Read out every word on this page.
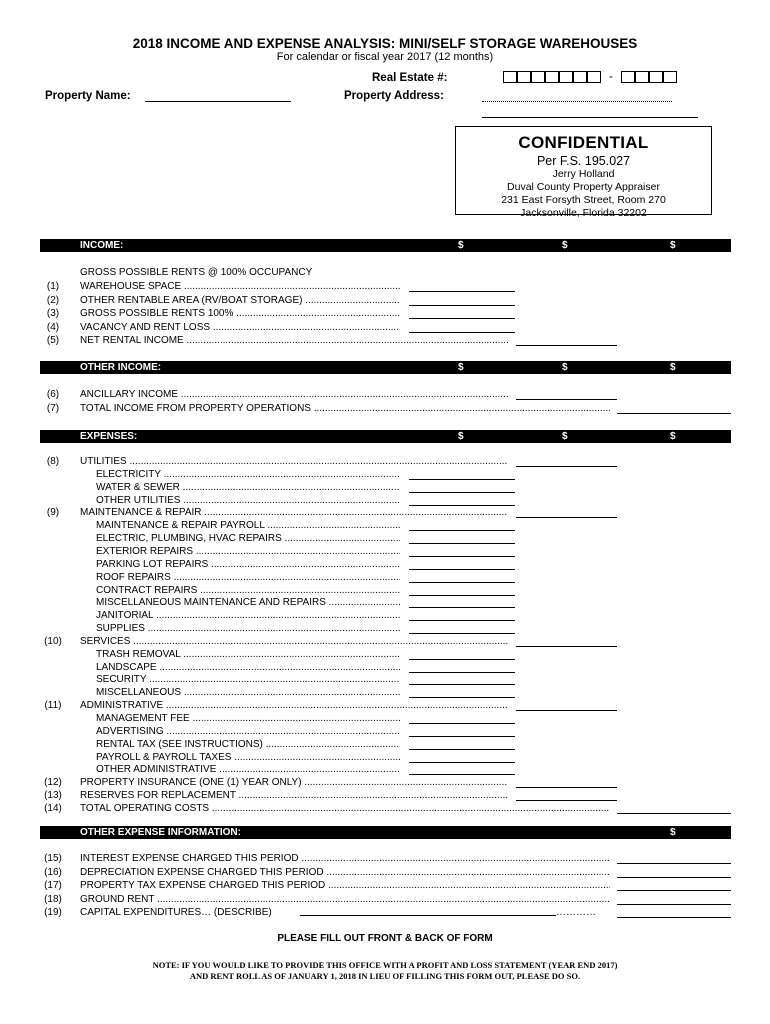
2018 INCOME AND EXPENSE ANALYSIS: MINI/SELF STORAGE WAREHOUSES
For calendar or fiscal year 2017 (12 months)
Real Estate #:	-
Property Name:	Property Address:
CONFIDENTIAL
Per F.S. 195.027
Jerry Holland
Duval County Property Appraiser
231 East Forsyth Street, Room 270
Jacksonville, Florida 32202
INCOME:	$	$	$
GROSS POSSIBLE RENTS @ 100% OCCUPANCY
(1)	WAREHOUSE SPACE .....
(2)	OTHER RENTABLE AREA (RV/BOAT STORAGE) .....
(3)	GROSS POSSIBLE RENTS 100% .....
(4)	VACANCY AND RENT LOSS .....
(5)	NET RENTAL INCOME .....
OTHER INCOME:	$	$	$
(6)	ANCILLARY INCOME .....
(7)	TOTAL INCOME FROM PROPERTY OPERATIONS .....
EXPENSES:	$	$	$
(8)	UTILITIES .....
ELECTRICITY .....
WATER & SEWER .....
OTHER UTILITIES .....
(9)	MAINTENANCE & REPAIR .....
MAINTENANCE & REPAIR PAYROLL .....
ELECTRIC, PLUMBING, HVAC REPAIRS .....
EXTERIOR REPAIRS .....
PARKING LOT REPAIRS .....
ROOF REPAIRS .....
CONTRACT REPAIRS .....
MISCELLANEOUS MAINTENANCE AND REPAIRS .....
JANITORIAL .....
SUPPLIES .....
(10)	SERVICES .....
TRASH REMOVAL .....
LANDSCAPE .....
SECURITY .....
MISCELLANEOUS .....
(11)	ADMINISTRATIVE .....
MANAGEMENT FEE .....
ADVERTISING .....
RENTAL TAX (SEE INSTRUCTIONS) .....
PAYROLL & PAYROLL TAXES .....
OTHER ADMINISTRATIVE .....
(12)	PROPERTY INSURANCE (ONE (1) YEAR ONLY) .....
(13)	RESERVES FOR REPLACEMENT .....
(14)	TOTAL OPERATING COSTS .....
OTHER EXPENSE INFORMATION:	$
(15)	INTEREST EXPENSE CHARGED THIS PERIOD .....
(16)	DEPRECIATION EXPENSE CHARGED THIS PERIOD .....
(17)	PROPERTY TAX EXPENSE CHARGED THIS PERIOD .....
(18)	GROUND RENT .....
(19)	CAPITAL EXPENDITURES… (DESCRIBE)	…………
PLEASE FILL OUT FRONT & BACK OF FORM
NOTE: IF YOU WOULD LIKE TO PROVIDE THIS OFFICE WITH A PROFIT AND LOSS STATEMENT (YEAR END 2017)
AND RENT ROLL AS OF JANUARY 1, 2018 IN LIEU OF FILLING THIS FORM OUT, PLEASE DO SO.
